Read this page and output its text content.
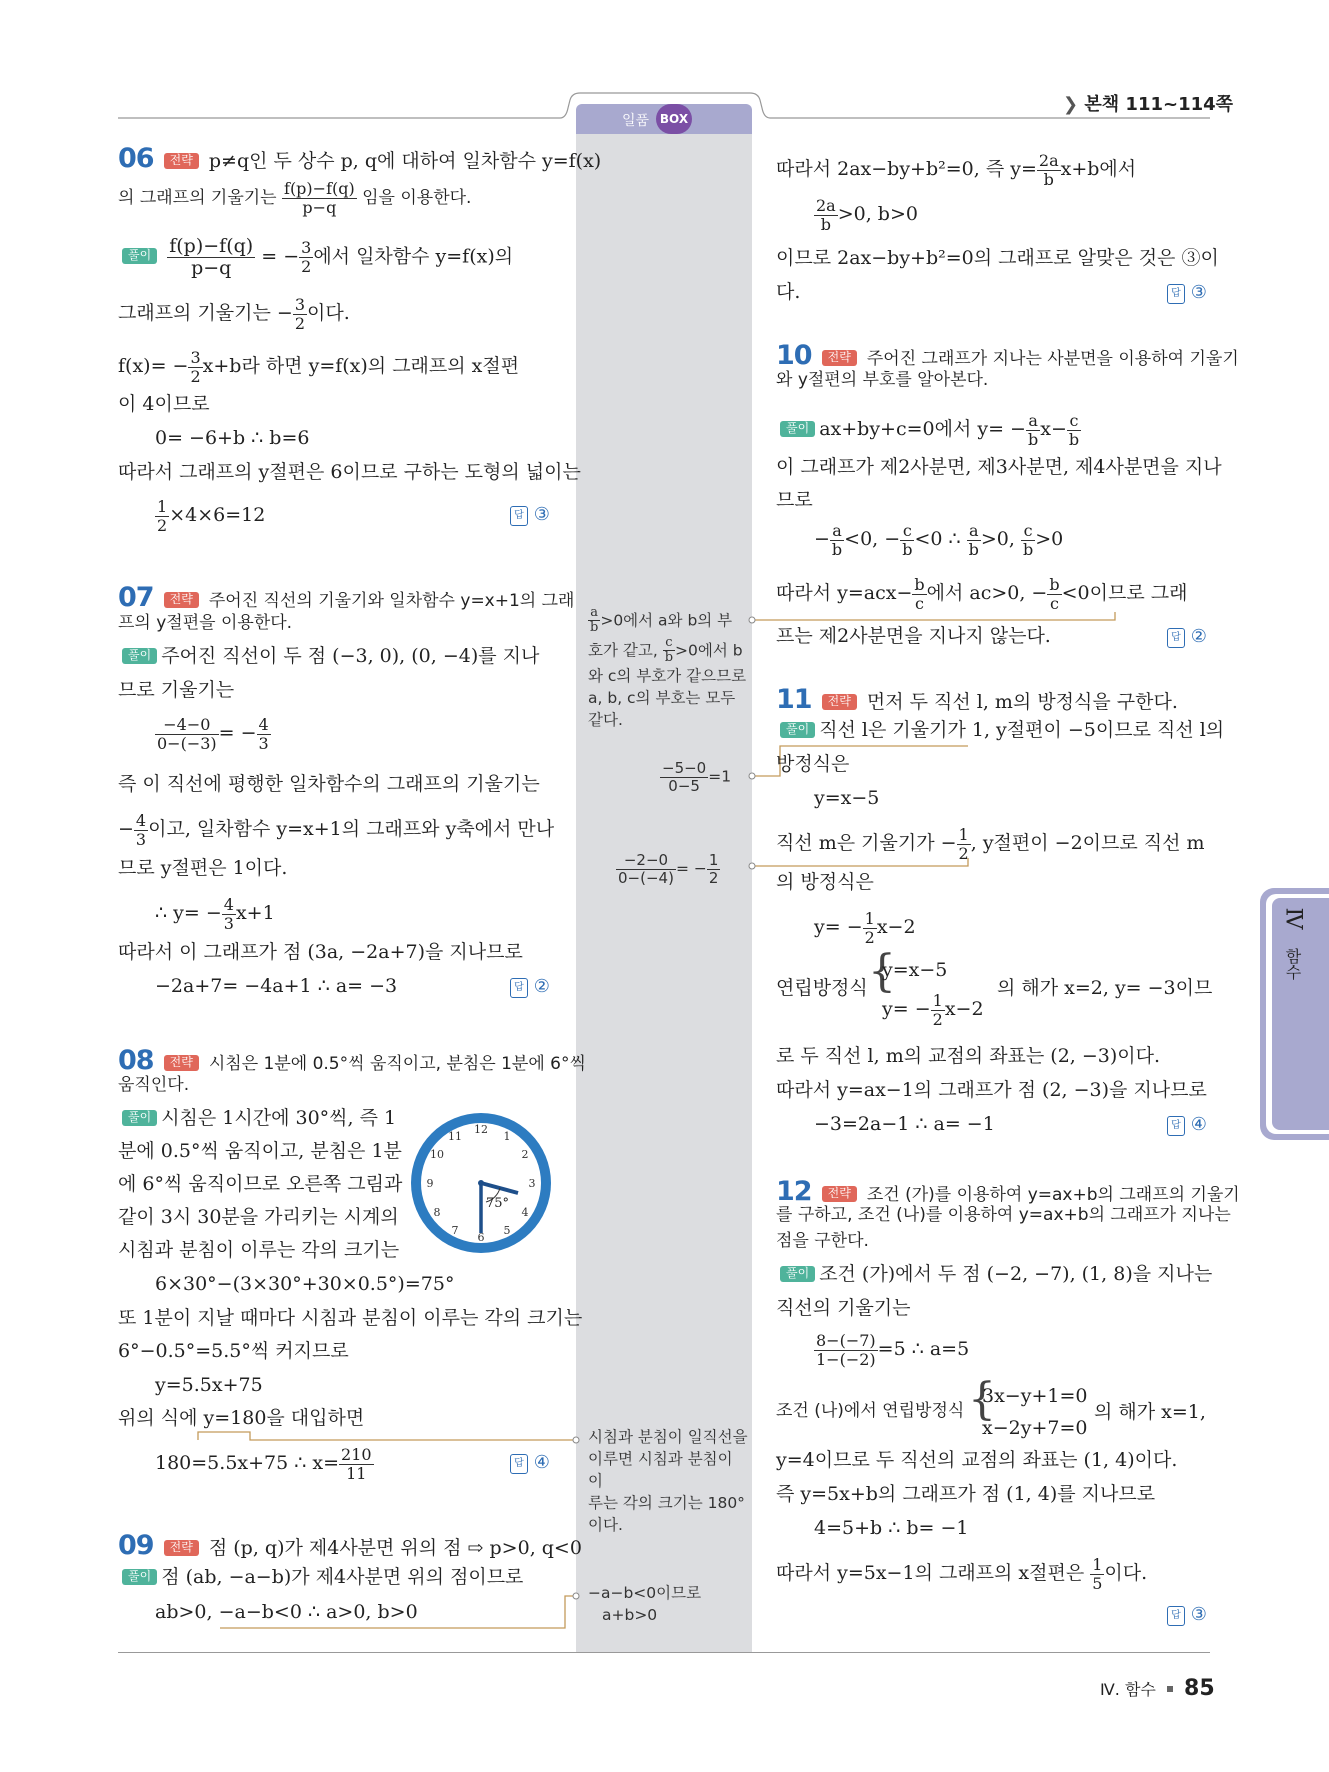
일품 BOX
❯ 본책 111~114쪽
06 전략 p≠q인 두 상수 p, q에 대하여 일차함수 y=f(x)
의 그래프의 기울기는 $\frac{f(p)-f(q)}{p-q}$ 임을 이용한다.
풀이 $\frac{f(p)-f(q)}{p-q}$ = − $\frac{3}{2}$ 에서 일차함수 y=f(x)의
그래프의 기울기는 − $\frac{3}{2}$ 이다.
$f(x)= - \frac{3}{2} x+b$라 하면 y=f(x)의 그래프의 x절편
이 4이므로
0= −6+b ∴ b=6
따라서 그래프의 y절편은 6이므로 구하는 도형의 넓이는
$\frac{1}{2} \times 4\times 6=12$	답 ③
07 전략 주어진 직선의 기울기와 일차함수 y=x+1의 그래
프의 y절편을 이용한다.
풀이 주어진 직선이 두 점 (−3, 0), (0, −4)를 지나
므로 기울기는
$\frac{-4-0}{0-(-3)}$ = − $\frac{4}{3}$
즉 이 직선에 평행한 일차함수의 그래프의 기울기는
− $\frac{4}{3}$ 이고, 일차함수 y=x+1의 그래프와 y축에서 만나
므로 y절편은 1이다.
∴ $y= - \frac{4}{3} x+1$
따라서 이 그래프가 점 (3a, −2a+7)을 지나므로
−2a+7= −4a+1 ∴ a= −3	답 ②
08 전략 시침은 1분에 0.5°씩 움직이고, 분침은 1분에 6°씩
움직인다.
풀이 시침은 1시간에 30°씩, 즉 1
분에 0.5°씩 움직이고, 분침은 1분
에 6°씩 움직이므로 오른쪽 그림과
같이 3시 30분을 가리키는 시계의
시침과 분침이 이루는 각의 크기는
6×30°−(3×30°+30×0.5°)=75°
또 1분이 지날 때마다 시침과 분침이 이루는 각의 크기는
6°−0.5°=5.5°씩 커지므로
y=5.5x+75
위의 식에 y=180을 대입하면
180=5.5x+75 ∴ $x= \frac{210}{11}$	답 ④
12
1
2
3
4
5
6
7
8
9
10
11
75°
09 전략 점 (p, q)가 제4사분면 위의 점 ⇨ p>0, q<0
풀이 점 (ab, −a−b)가 제4사분면 위의 점이므로
ab>0, −a−b<0 ∴ a>0, b>0
$\frac{a}{b} >0$에서 a와 b의 부
호가 같고, $\frac{c}{b} >0$에서 b
와 c의 부호가 같으므로
a, b, c의 부호는 모두
같다.
$\frac{-5-0}{0-5} =1$
$\frac{-2-0}{0-(-4)}$ = − $\frac{1}{2}$
시침과 분침이 일직선을
이루면 시침과 분침이 이
루는 각의 크기는 180°
이다.
−a−b<0이므로
a+b>0
따라서 2ax−by+b²=0, 즉 $y= \frac{2a}{b} x+b$에서
$\frac{2a}{b} >0$, b>0
이므로 2ax−by+b²=0의 그래프로 알맞은 것은 ③이
다.	답 ③
10 전략 주어진 그래프가 지나는 사분면을 이용하여 기울기
와 y절편의 부호를 알아본다.
풀이 ax+by+c=0에서 $y= - \frac{a}{b} x- \frac{c}{b}$
이 그래프가 제2사분면, 제3사분면, 제4사분면을 지나
므로
− $\frac{a}{b} <0$, − $\frac{c}{b} <0$ ∴ $\frac{a}{b} >0$, $\frac{c}{b} >0$
따라서 $y=acx- \frac{b}{c}$ 에서 ac>0, − $\frac{b}{c} <0$이므로 그래
프는 제2사분면을 지나지 않는다.	답 ②
11 전략 먼저 두 직선 l, m의 방정식을 구한다.
풀이 직선 l은 기울기가 1, y절편이 −5이므로 직선 l의
방정식은
y=x−5
직선 m은 기울기가 − $\frac{1}{2}$ , y절편이 −2이므로 직선 m
의 방정식은
$y= - \frac{1}{2} x-2$
연립방정식 {
y=x−5
$y= - \frac{1}{2} x-2$
의 해가 x=2, y= −3이므
로 두 직선 l, m의 교점의 좌표는 (2, −3)이다.
따라서 y=ax−1의 그래프가 점 (2, −3)을 지나므로
−3=2a−1 ∴ a= −1	답 ④
12 전략 조건 (가)를 이용하여 y=ax+b의 그래프의 기울기
를 구하고, 조건 (나)를 이용하여 y=ax+b의 그래프가 지나는
점을 구한다.
풀이 조건 (가)에서 두 점 (−2, −7), (1, 8)을 지나는
직선의 기울기는
$\frac{8-(-7)}{1-(-2)} =5$ ∴ a=5
조건 (나)에서 연립방정식 {
3x−y+1=0
x−2y+7=0
의 해가 x=1,
y=4이므로 두 직선의 교점의 좌표는 (1, 4)이다.
즉 y=5x+b의 그래프가 점 (1, 4)를 지나므로
4=5+b ∴ b= −1
따라서 y=5x−1의 그래프의 x절편은 $\frac{1}{5}$ 이다.
답 ③
Ⅳ
함수
Ⅳ. 함수 85
